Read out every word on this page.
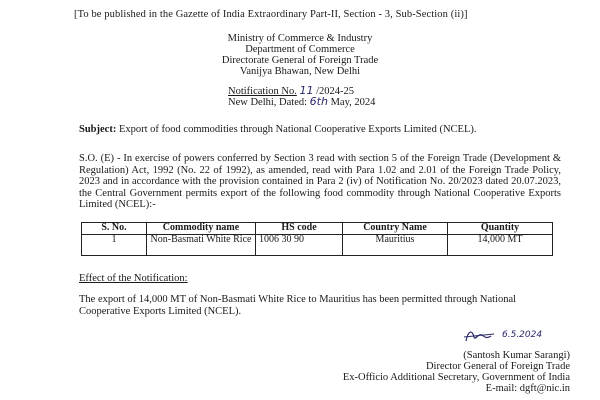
[To be published in the Gazette of India Extraordinary Part-II, Section - 3, Sub-Section (ii)]
Ministry of Commerce & Industry
Department of Commerce
Directorate General of Foreign Trade
Vanijya Bhawan, New Delhi
Notification No. 11 /2024-25
New Delhi, Dated: 6th May, 2024
Subject: Export of food commodities through National Cooperative Exports Limited (NCEL).
S.O. (E) - In exercise of powers conferred by Section 3 read with section 5 of the Foreign Trade (Development & Regulation) Act, 1992 (No. 22 of 1992), as amended, read with Para 1.02 and 2.01 of the Foreign Trade Policy, 2023 and in accordance with the provision contained in Para 2 (iv) of Notification No. 20/2023 dated 20.07.2023, the Central Government permits export of the following food commodity through National Cooperative Exports Limited (NCEL):-
S. No.	Commodity name	HS code	Country Name	Quantity
1	Non-Basmati White Rice	1006 30 90	Mauritius	14,000 MT
Effect of the Notification:
The export of 14,000 MT of Non-Basmati White Rice to Mauritius has been permitted through National Cooperative Exports Limited (NCEL).
6.5.2024
(Santosh Kumar Sarangi)
Director General of Foreign Trade
Ex-Officio Additional Secretary, Government of India
E-mail: dgft@nic.in
